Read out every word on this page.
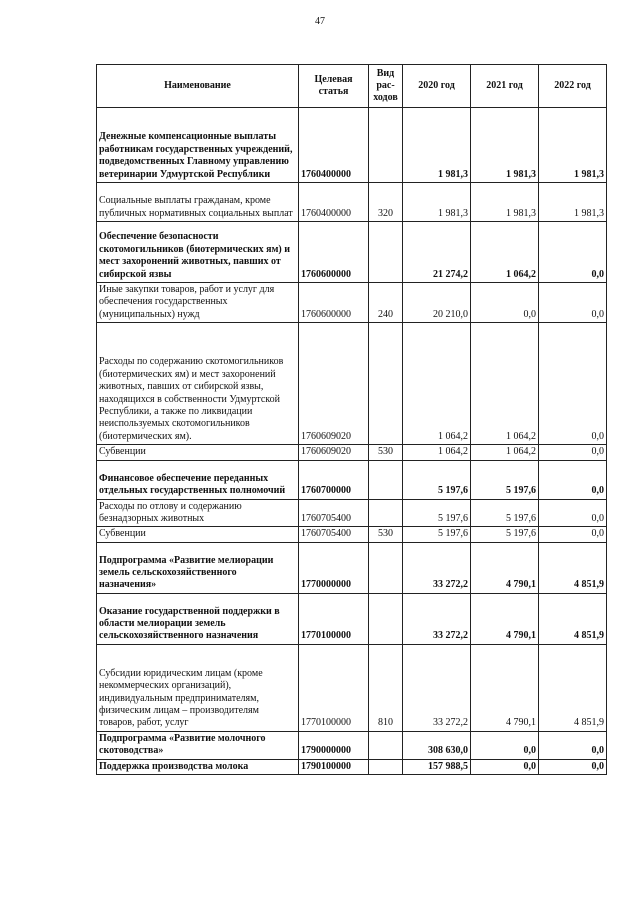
47
Наименование	Целевая статья	Вид рас-ходов	2020 год	2021 год	2022 год
Денежные компенсационные выплаты работникам государственных учреждений, подведомственных Главному управлению ветеринарии Удмуртской Республики	1760400000		1 981,3	1 981,3	1 981,3
Социальные выплаты гражданам, кроме публичных нормативных социальных выплат	1760400000	320	1 981,3	1 981,3	1 981,3
Обеспечение безопасности скотомогильников (биотермических ям) и мест захоронений животных, павших от сибирской язвы	1760600000		21 274,2	1 064,2	0,0
Иные закупки товаров, работ и услуг для обеспечения государственных (муниципальных) нужд	1760600000	240	20 210,0	0,0	0,0
Расходы по содержанию скотомогильников (биотермических ям) и мест захоронений животных, павших от сибирской язвы, находящихся в собственности Удмуртской Республики, а также по ликвидации неиспользуемых скотомогильников (биотермических ям).	1760609020		1 064,2	1 064,2	0,0
Субвенции	1760609020	530	1 064,2	1 064,2	0,0
Финансовое обеспечение переданных отдельных государственных полномочий	1760700000		5 197,6	5 197,6	0,0
Расходы по отлову и содержанию безнадзорных животных	1760705400		5 197,6	5 197,6	0,0
Субвенции	1760705400	530	5 197,6	5 197,6	0,0
Подпрограмма «Развитие мелиорации земель сельскохозяйственного назначения»	1770000000		33 272,2	4 790,1	4 851,9
Оказание государственной поддержки в области мелиорации земель сельскохозяйственного назначения	1770100000		33 272,2	4 790,1	4 851,9
Субсидии юридическим лицам (кроме некоммерческих организаций), индивидуальным предпринимателям, физическим лицам – производителям товаров, работ, услуг	1770100000	810	33 272,2	4 790,1	4 851,9
Подпрограмма «Развитие молочного скотоводства»	1790000000		308 630,0	0,0	0,0
Поддержка производства молока	1790100000		157 988,5	0,0	0,0
